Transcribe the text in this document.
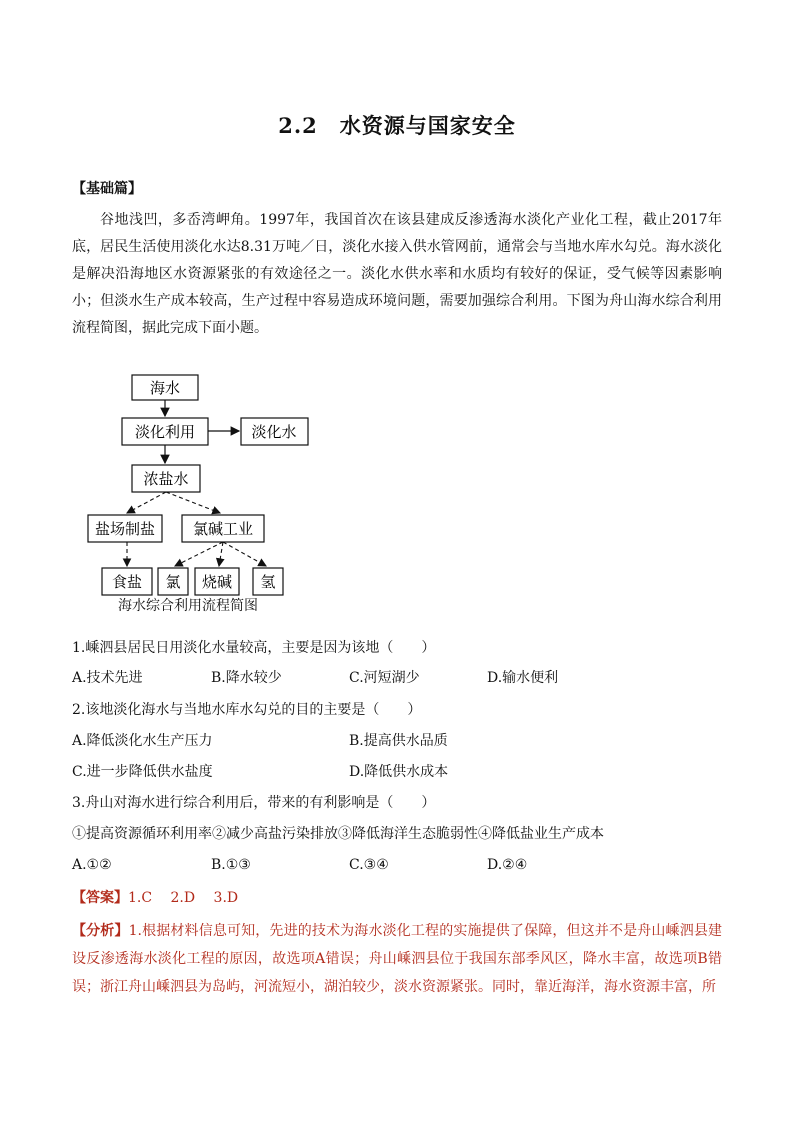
2.2　水资源与国家安全
【基础篇】

谷地浅凹，多岙湾岬角。1997年，我国首次在该县建成反渗透海水淡化产业化工程，截止2017年底，居民生活使用淡化水达8.31万吨／日，淡化水接入供水管网前，通常会与当地水库水勾兑。海水淡化是解决沿海地区水资源紧张的有效途径之一。淡化水供水率和水质均有较好的保证，受气候等因素影响小；但淡水生产成本较高，生产过程中容易造成环境问题，需要加强综合利用。下图为舟山海水综合利用流程简图，据此完成下面小题。

海水
淡化利用	淡化水
浓盐水
盐场制盐	氯碱工业
食盐 氯 烧碱 氢
海水综合利用流程简图
1.嵊泗县居民日用淡化水量较高，主要是因为该地（　　）
A.技术先进	B.降水较少	C.河短湖少	D.输水便利
2.该地淡化海水与当地水库水勾兑的目的主要是（　　）
A.降低淡化水生产压力	B.提高供水品质
C.进一步降低供水盐度	D.降低供水成本
3.舟山对海水进行综合利用后，带来的有利影响是（　　）
①提高资源循环利用率②减少高盐污染排放③降低海洋生态脆弱性④降低盐业生产成本
A.①②	B.①③	C.③④	D.②④
【答案】1.C　 2.D　 3.D
【分析】1.根据材料信息可知，先进的技术为海水淡化工程的实施提供了保障，但这并不是舟山嵊泗县建设反渗透海水淡化工程的原因，故选项A错误；舟山嵊泗县位于我国东部季风区，降水丰富，故选项B错误；浙江舟山嵊泗县为岛屿，河流短小，湖泊较少，淡水资源紧张。同时，靠近海洋，海水资源丰富，所
